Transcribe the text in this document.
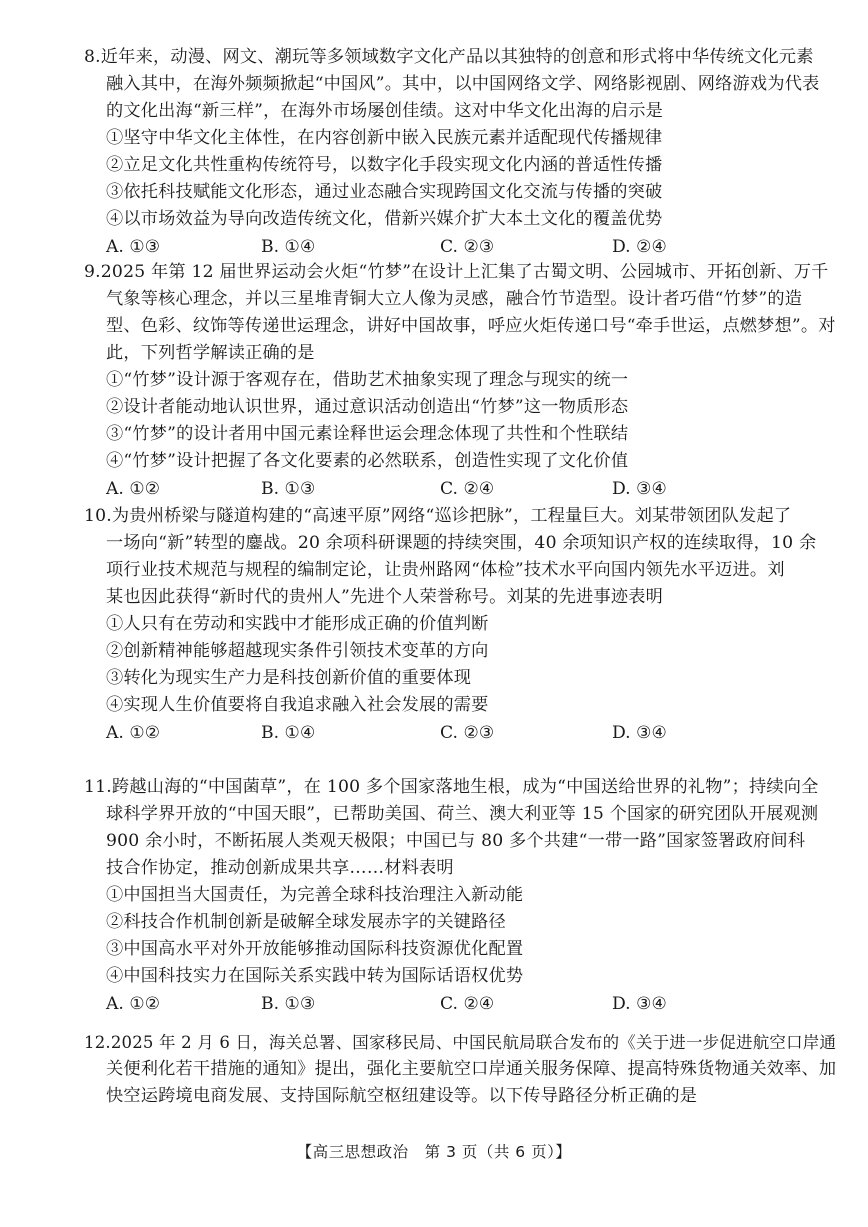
8.近年来，动漫、网文、潮玩等多领域数字文化产品以其独特的创意和形式将中华传统文化元素
融入其中，在海外频频掀起“中国风”。其中，以中国网络文学、网络影视剧、网络游戏为代表
的文化出海“新三样”，在海外市场屡创佳绩。这对中华文化出海的启示是
①坚守中华文化主体性，在内容创新中嵌入民族元素并适配现代传播规律
②立足文化共性重构传统符号，以数字化手段实现文化内涵的普适性传播
③依托科技赋能文化形态，通过业态融合实现跨国文化交流与传播的突破
④以市场效益为导向改造传统文化，借新兴媒介扩大本土文化的覆盖优势
A. ①③	B. ①④	C. ②③	D. ②④
9.2025 年第 12 届世界运动会火炬“竹梦”在设计上汇集了古蜀文明、公园城市、开拓创新、万千
气象等核心理念，并以三星堆青铜大立人像为灵感，融合竹节造型。设计者巧借“竹梦”的造
型、色彩、纹饰等传递世运理念，讲好中国故事，呼应火炬传递口号“牵手世运，点燃梦想”。对
此，下列哲学解读正确的是
①“竹梦”设计源于客观存在，借助艺术抽象实现了理念与现实的统一
②设计者能动地认识世界，通过意识活动创造出“竹梦”这一物质形态
③“竹梦”的设计者用中国元素诠释世运会理念体现了共性和个性联结
④“竹梦”设计把握了各文化要素的必然联系，创造性实现了文化价值
A. ①②	B. ①③	C. ②④	D. ③④
10.为贵州桥梁与隧道构建的“高速平原”网络“巡诊把脉”，工程量巨大。刘某带领团队发起了
一场向“新”转型的鏖战。20 余项科研课题的持续突围，40 余项知识产权的连续取得，10 余
项行业技术规范与规程的编制定论，让贵州路网“体检”技术水平向国内领先水平迈进。刘
某也因此获得“新时代的贵州人”先进个人荣誉称号。刘某的先进事迹表明
①人只有在劳动和实践中才能形成正确的价值判断
②创新精神能够超越现实条件引领技术变革的方向
③转化为现实生产力是科技创新价值的重要体现
④实现人生价值要将自我追求融入社会发展的需要
A. ①②	B. ①④	C. ②③	D. ③④
11.跨越山海的“中国菌草”，在 100 多个国家落地生根，成为“中国送给世界的礼物”；持续向全
球科学界开放的“中国天眼”，已帮助美国、荷兰、澳大利亚等 15 个国家的研究团队开展观测
900 余小时，不断拓展人类观天极限；中国已与 80 多个共建“一带一路”国家签署政府间科
技合作协定，推动创新成果共享……材料表明
①中国担当大国责任，为完善全球科技治理注入新动能
②科技合作机制创新是破解全球发展赤字的关键路径
③中国高水平对外开放能够推动国际科技资源优化配置
④中国科技实力在国际关系实践中转为国际话语权优势
A. ①②	B. ①③	C. ②④	D. ③④
12.2025 年 2 月 6 日，海关总署、国家移民局、中国民航局联合发布的《关于进一步促进航空口岸通
关便利化若干措施的通知》提出，强化主要航空口岸通关服务保障、提高特殊货物通关效率、加
快空运跨境电商发展、支持国际航空枢纽建设等。以下传导路径分析正确的是
【高三思想政治　第 3 页（共 6 页）】
